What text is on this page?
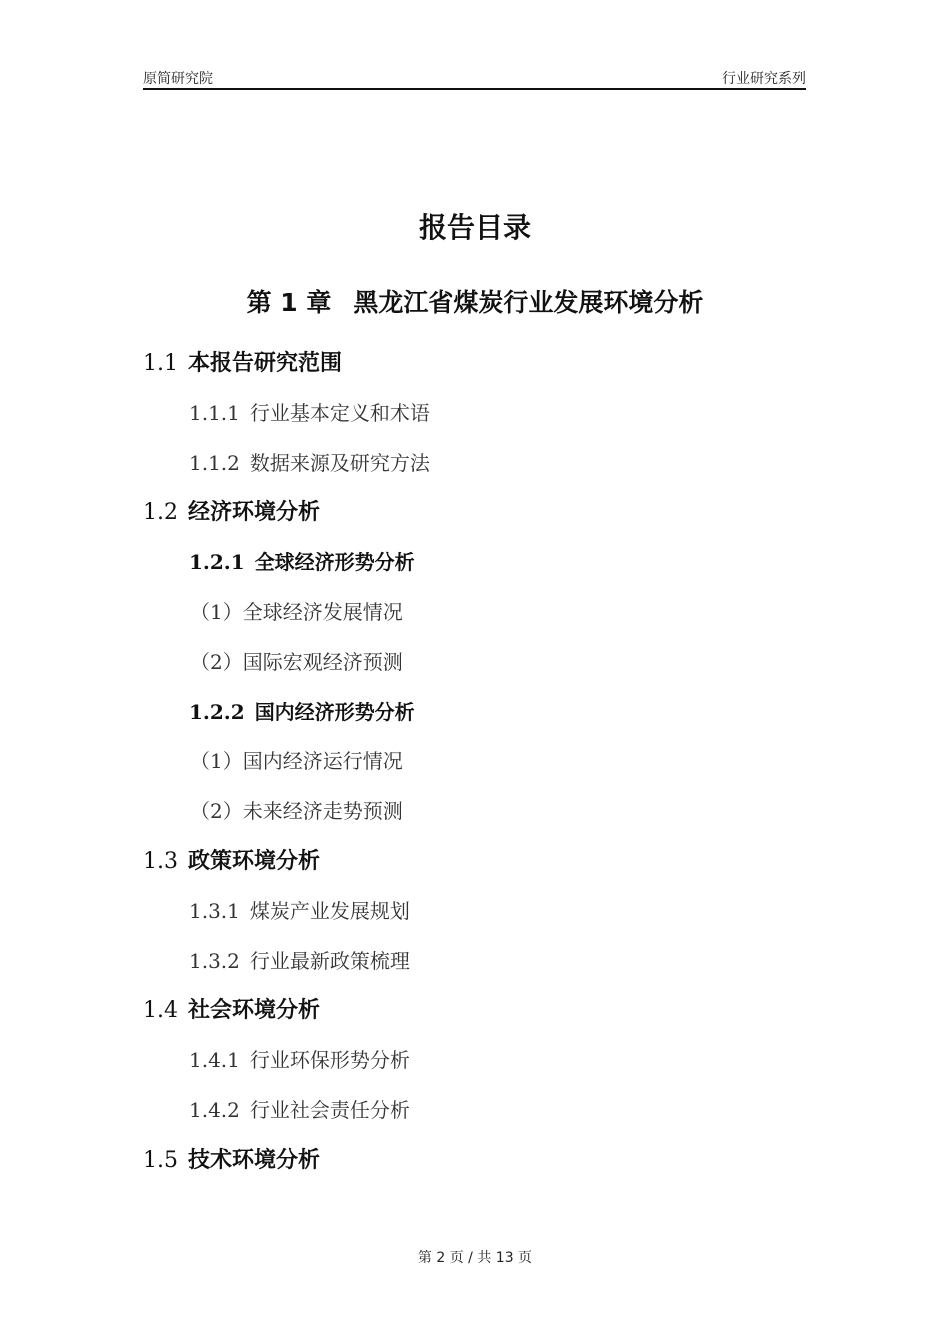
原简研究院	行业研究系列
报告目录
第 1 章 黑龙江省煤炭行业发展环境分析
1.1 本报告研究范围
1.1.1 行业基本定义和术语
1.1.2 数据来源及研究方法
1.2 经济环境分析
1.2.1 全球经济形势分析
（1）全球经济发展情况
（2）国际宏观经济预测
1.2.2 国内经济形势分析
（1）国内经济运行情况
（2）未来经济走势预测
1.3 政策环境分析
1.3.1 煤炭产业发展规划
1.3.2 行业最新政策梳理
1.4 社会环境分析
1.4.1 行业环保形势分析
1.4.2 行业社会责任分析
1.5 技术环境分析
第 2 页 / 共 13 页
